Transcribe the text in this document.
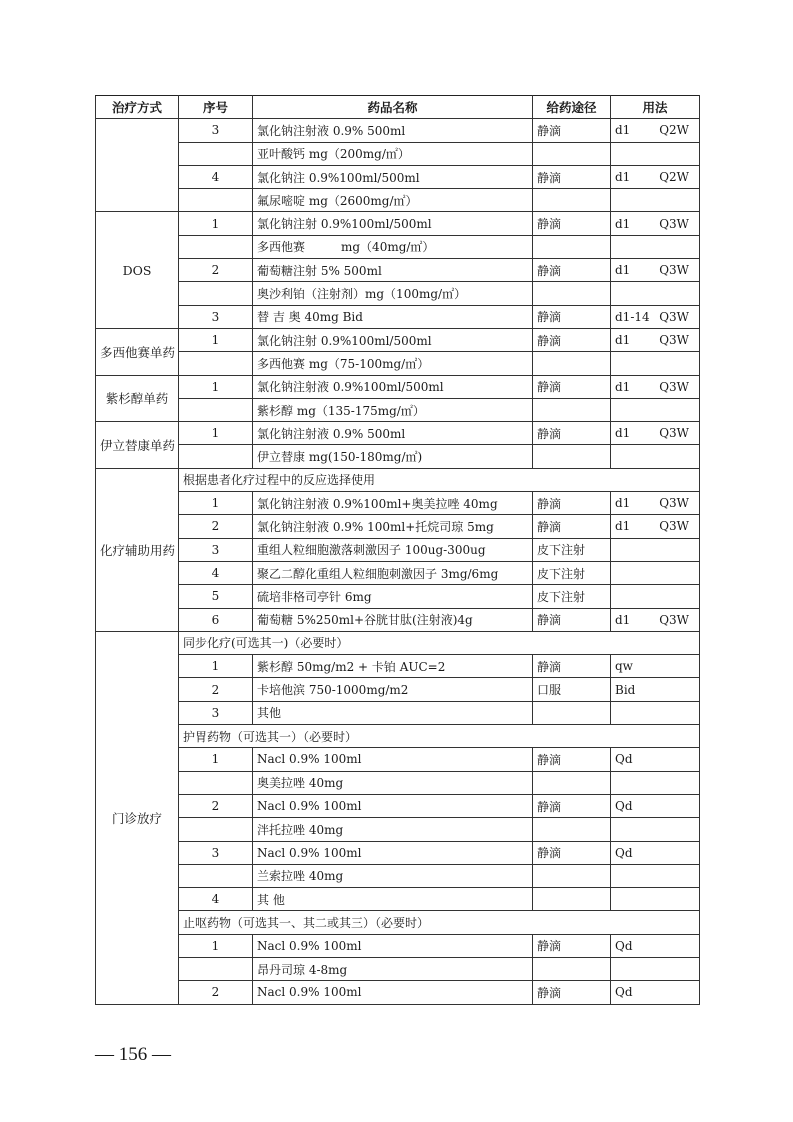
治疗方式	序号	药品名称	给药途径	用法
	3	氯化钠注射液 0.9% 500ml	静滴	d1 Q2W

		亚叶酸钙 mg（200mg/㎡）		

	4	氯化钠注 0.9%100ml/500ml	静滴	d1 Q2W

		氟尿嘧啶 mg（2600mg/㎡）		

DOS	1	氯化钠注射 0.9%100ml/500ml	静滴	d1 Q3W

		多西他赛　　　mg（40mg/㎡）		

	2	葡萄糖注射 5% 500ml	静滴	d1 Q3W

		奥沙利铂（注射剂）mg（100mg/㎡）		

	3	替 吉 奥 40mg Bid	静滴	d1-14 Q3W

多西他赛单药	1	氯化钠注射 0.9%100ml/500ml	静滴	d1 Q3W

		多西他赛 mg（75-100mg/㎡）		

紫杉醇单药	1	氯化钠注射液 0.9%100ml/500ml	静滴	d1 Q3W

		紫杉醇 mg（135-175mg/㎡）		

伊立替康单药	1	氯化钠注射液 0.9% 500ml	静滴	d1 Q3W

		伊立替康 mg(150-180mg/㎡)		

化疗辅助用药	根据患者化疗过程中的反应选择使用			
	1	氯化钠注射液 0.9%100ml+奥美拉唑 40mg	静滴	d1 Q3W

	2	氯化钠注射液 0.9% 100ml+托烷司琼 5mg	静滴	d1 Q3W

	3	重组人粒细胞激落刺激因子 100ug-300ug	皮下注射	

	4	聚乙二醇化重组人粒细胞刺激因子 3mg/6mg	皮下注射	

	5	硫培非格司亭针 6mg	皮下注射	

	6	葡萄糖 5%250ml+谷胱甘肽(注射液)4g	静滴	d1 Q3W

门诊放疗	同步化疗(可选其一)（必要时）			
	1	紫杉醇 50mg/m2 + 卡铂 AUC=2	静滴	qw

	2	卡培他滨 750-1000mg/m2	口服	Bid

	3	其他		

	护胃药物（可选其一）（必要时）			
	1	Nacl 0.9% 100ml	静滴	Qd

		奥美拉唑 40mg		

	2	Nacl 0.9% 100ml	静滴	Qd

		泮托拉唑 40mg		

	3	Nacl 0.9% 100ml	静滴	Qd

		兰索拉唑 40mg		

	4	其 他		

	止呕药物（可选其一、其二或其三）（必要时）			
	1	Nacl 0.9% 100ml	静滴	Qd

		昂丹司琼 4-8mg		

	2	Nacl 0.9% 100ml	静滴	Qd
— 156 —
